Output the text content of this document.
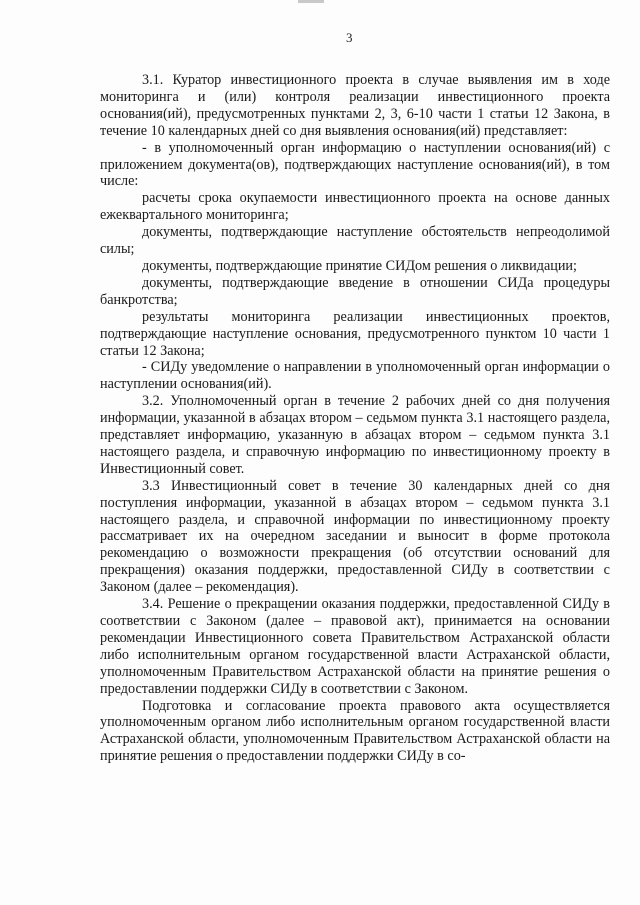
3

3.1. Куратор инвестиционного проекта в случае выявления им в ходе мониторинга и (или) контроля реализации инвестиционного проекта основания(ий), предусмотренных пунктами 2, 3, 6-10 части 1 статьи 12 Закона, в течение 10 календарных дней со дня выявления основания(ий) представляет:

- в уполномоченный орган информацию о наступлении основания(ий) с приложением документа(ов), подтверждающих наступление основания(ий), в том числе:

расчеты срока окупаемости инвестиционного проекта на основе данных ежеквартального мониторинга;

документы, подтверждающие наступление обстоятельств непреодолимой силы;

документы, подтверждающие принятие СИДом решения о ликвидации;

документы, подтверждающие введение в отношении СИДа процедуры банкротства;

результаты мониторинга реализации инвестиционных проектов, подтверждающие наступление основания, предусмотренного пунктом 10 части 1 статьи 12 Закона;

- СИДу уведомление о направлении в уполномоченный орган информации о наступлении основания(ий).

3.2. Уполномоченный орган в течение 2 рабочих дней со дня получения информации, указанной в абзацах втором – седьмом пункта 3.1 настоящего раздела, представляет информацию, указанную в абзацах втором – седьмом пункта 3.1 настоящего раздела, и справочную информацию по инвестиционному проекту в Инвестиционный совет.

3.3 Инвестиционный совет в течение 30 календарных дней со дня поступления информации, указанной в абзацах втором – седьмом пункта 3.1 настоящего раздела, и справочной информации по инвестиционному проекту рассматривает их на очередном заседании и выносит в форме протокола рекомендацию о возможности прекращения (об отсутствии оснований для прекращения) оказания поддержки, предоставленной СИДу в соответствии с Законом (далее – рекомендация).

3.4. Решение о прекращении оказания поддержки, предоставленной СИДу в соответствии с Законом (далее – правовой акт), принимается на основании рекомендации Инвестиционного совета Правительством Астраханской области либо исполнительным органом государственной власти Астраханской области, уполномоченным Правительством Астраханской области на принятие решения о предоставлении поддержки СИДу в соответствии с Законом.

Подготовка и согласование проекта правового акта осуществляется уполномоченным органом либо исполнительным органом государственной власти Астраханской области, уполномоченным Правительством Астраханской области на принятие решения о предоставлении поддержки СИДу в со-
